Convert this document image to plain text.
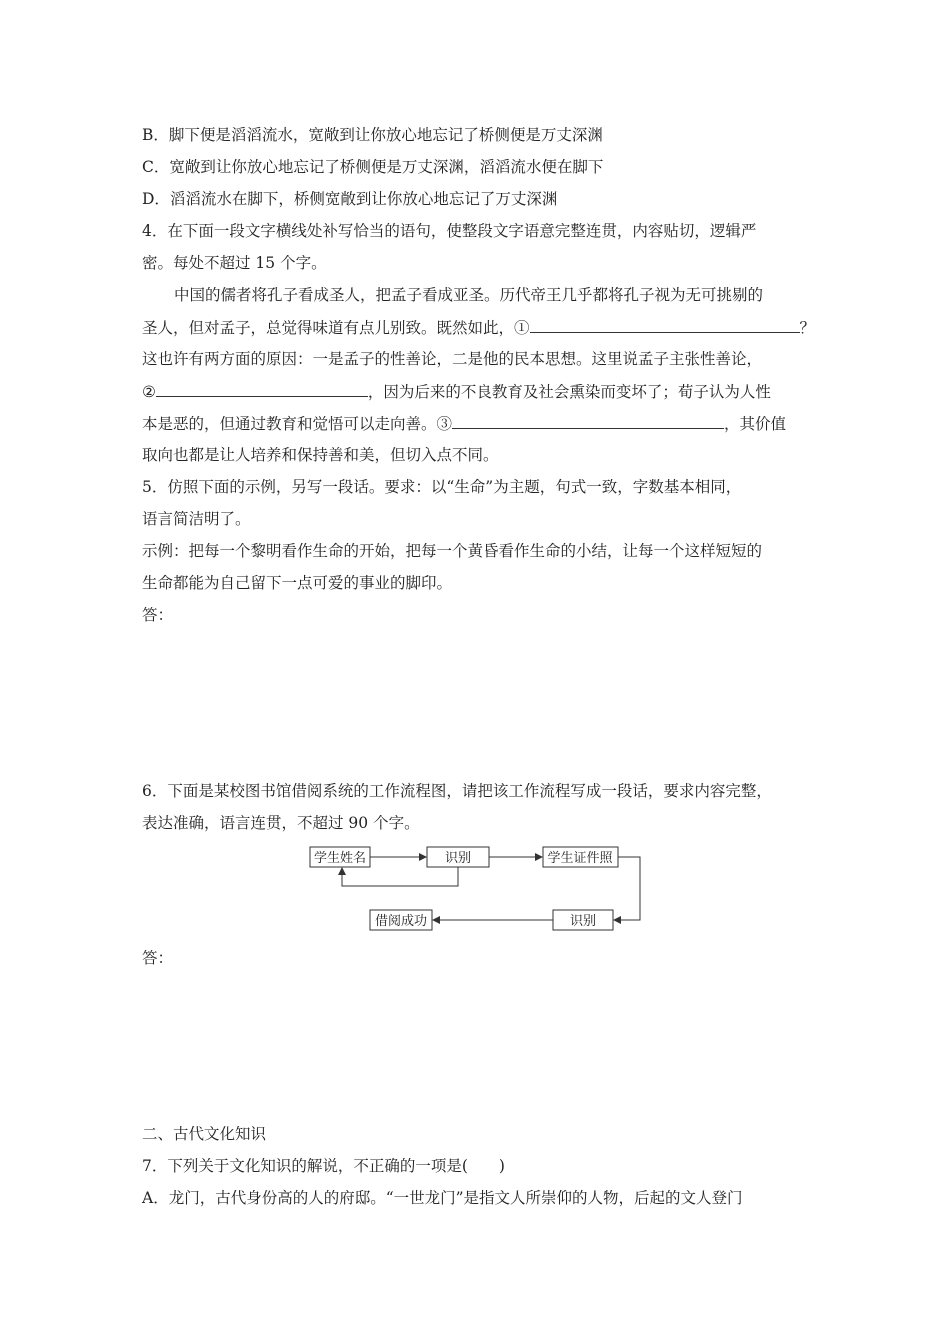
B．脚下便是滔滔流水，宽敞到让你放心地忘记了桥侧便是万丈深渊
C．宽敞到让你放心地忘记了桥侧便是万丈深渊，滔滔流水便在脚下
D．滔滔流水在脚下，桥侧宽敞到让你放心地忘记了万丈深渊
4．在下面一段文字横线处补写恰当的语句，使整段文字语意完整连贯，内容贴切，逻辑严
密。每处不超过 15 个字。
中国的儒者将孔子看成圣人，把孟子看成亚圣。历代帝王几乎都将孔子视为无可挑剔的
圣人，但对孟子，总觉得味道有点儿别致。既然如此，①	？
这也许有两方面的原因：一是孟子的性善论，二是他的民本思想。这里说孟子主张性善论，
②	，因为后来的不良教育及社会熏染而变坏了；荀子认为人性
本是恶的，但通过教育和觉悟可以走向善。③	，其价值
取向也都是让人培养和保持善和美，但切入点不同。
5．仿照下面的示例，另写一段话。要求：以“生命”为主题，句式一致，字数基本相同，
语言简洁明了。
示例：把每一个黎明看作生命的开始，把每一个黄昏看作生命的小结，让每一个这样短短的
生命都能为自己留下一点可爱的事业的脚印。
答：
6．下面是某校图书馆借阅系统的工作流程图，请把该工作流程写成一段话，要求内容完整，
表达准确，语言连贯，不超过 90 个字。
学生姓名	识别	学生证件照
识别
借阅成功
答：
二、古代文化知识
7．下列关于文化知识的解说，不正确的一项是(　　)
A．龙门，古代身份高的人的府邸。“一世龙门”是指文人所崇仰的人物，后起的文人登门
